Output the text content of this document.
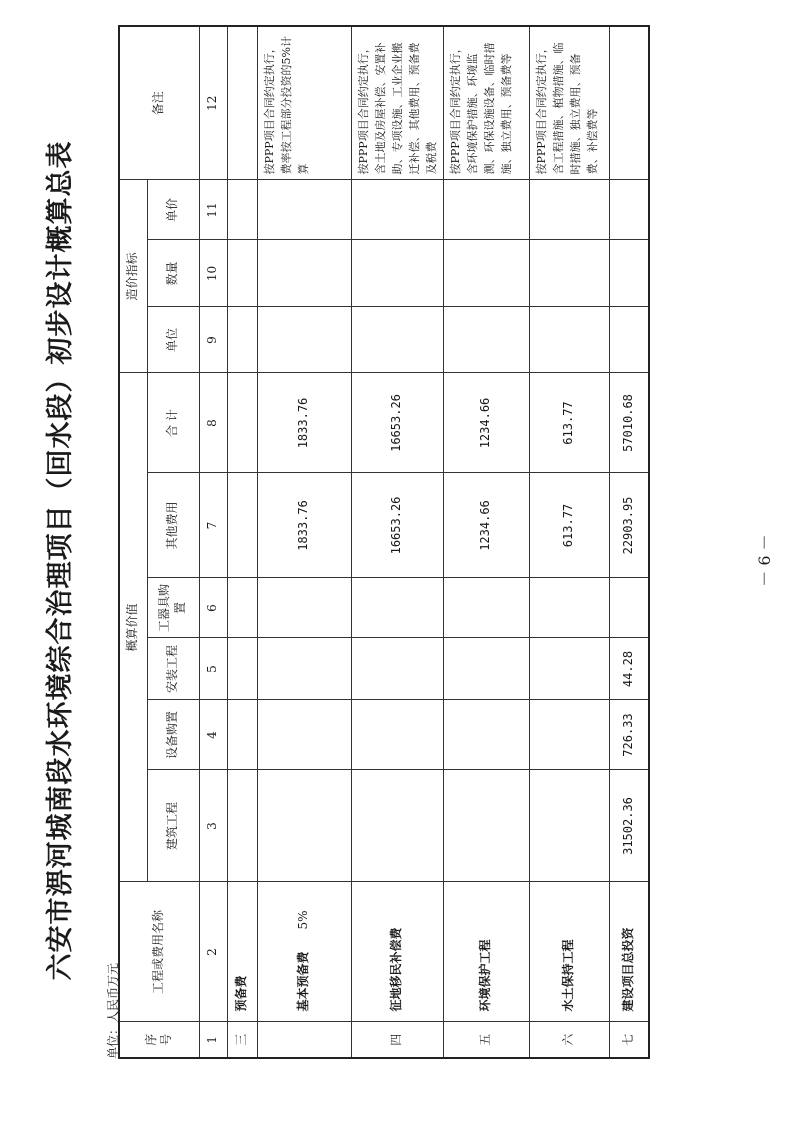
六安市淠河城南段水环境综合治理项目（回水段）初步设计概算总表
单位：人民币万元 序 号	工程或费用名称	概算价值						造价指标			备注
		建筑工程	设备购置	安装工程	工器具购置	其他费用	合 计	单位	数量	单价	
1	2	3	4	5	6	7	8	9	10	11	12
三	预备费										
	基本预备费5%					1833.76	1833.76				按PPP项目合同约定执行，费率按工程部分投资的5%计算
四	征地移民补偿费					16653.26	16653.26				按PPP项目合同约定执行，含土地及房屋补偿、安置补助、专项设施、工业企业搬迁补偿、其他费用、预备费及税费
五	环境保护工程					1234.66	1234.66				按PPP项目合同约定执行，含环境保护措施、环境监测、环保设施设备、临时措施、独立费用、预备费等
六	水土保持工程					613.77	613.77				按PPP项目合同约定执行，含工程措施、植物措施、临时措施、独立费用、预备费、补偿费等
七	建设项目总投资	31502.36	726.33	44.28		22903.95	57010.68				
－ 6 －
